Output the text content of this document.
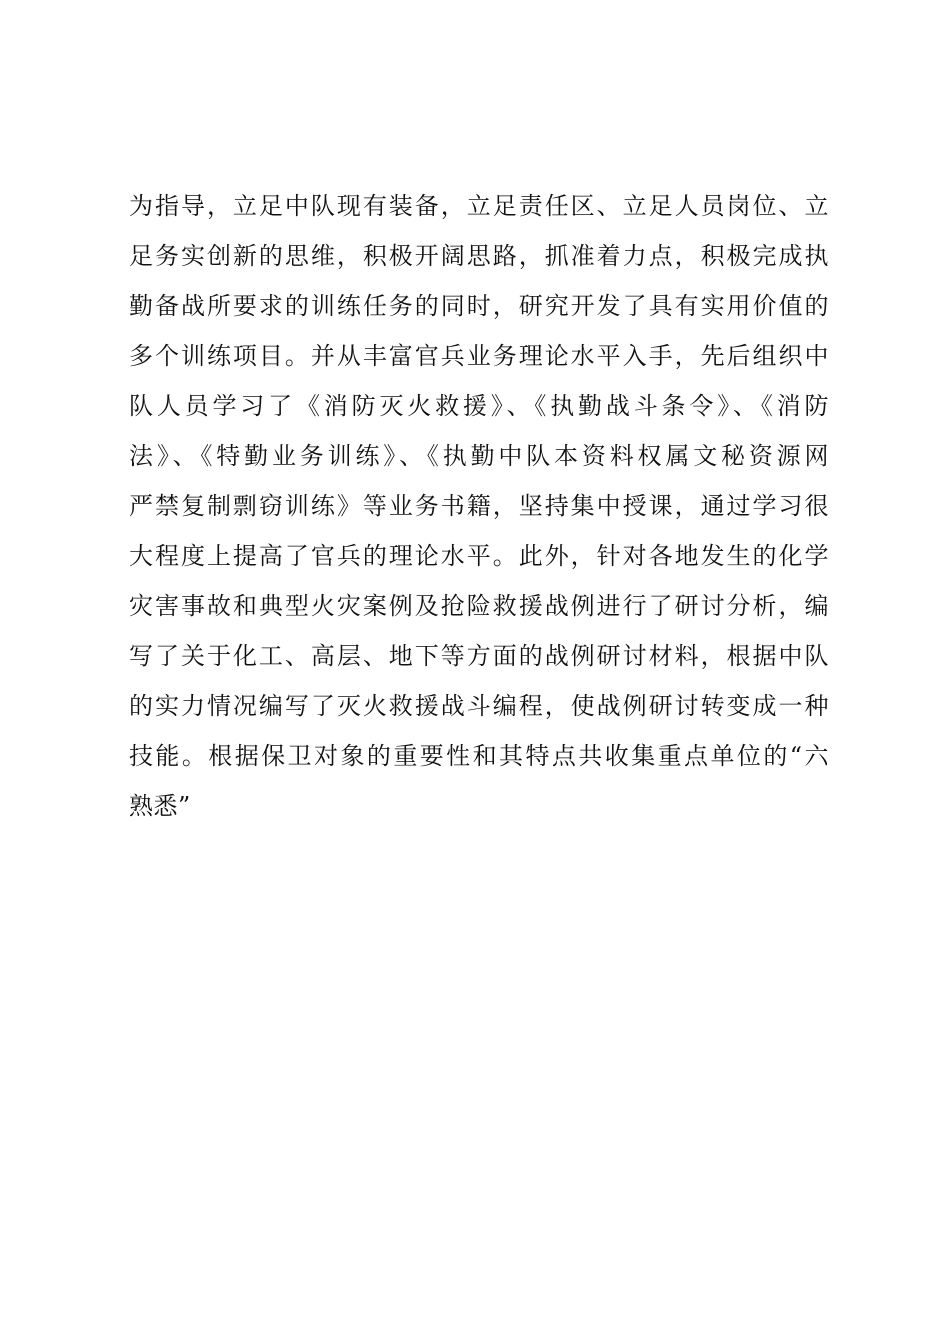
为指导，立足中队现有装备，立足责任区、立足人员岗位、立
足务实创新的思维，积极开阔思路，抓准着力点，积极完成执
勤备战所要求的训练任务的同时，研究开发了具有实用价值的
多个训练项目。并从丰富官兵业务理论水平入手，先后组织中
队人员学习了《消防灭火救援》、《执勤战斗条令》、《消防
法》、《特勤业务训练》、《执勤中队本资料权属文秘资源网
严禁复制剽窃训练》等业务书籍，坚持集中授课，通过学习很
大程度上提高了官兵的理论水平。此外，针对各地发生的化学
灾害事故和典型火灾案例及抢险救援战例进行了研讨分析，编
写了关于化工、高层、地下等方面的战例研讨材料，根据中队
的实力情况编写了灭火救援战斗编程，使战例研讨转变成一种
技能。根据保卫对象的重要性和其特点共收集重点单位的“六
熟悉”
